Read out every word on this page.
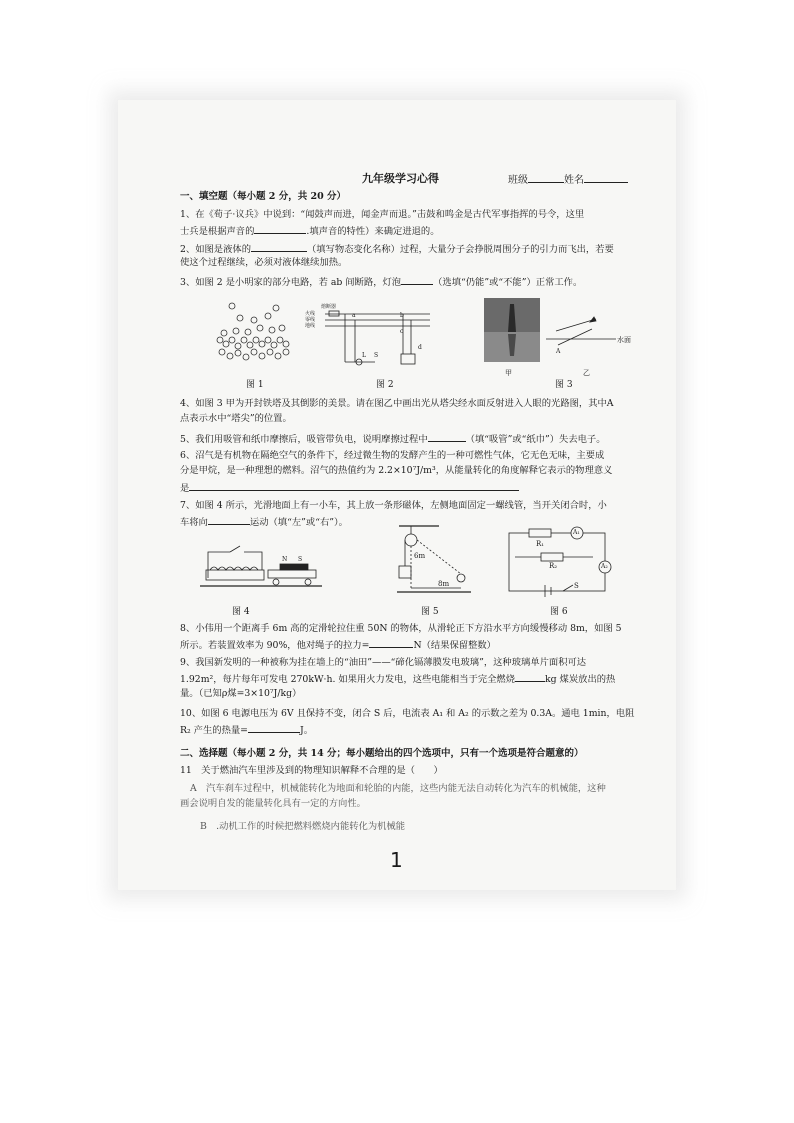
九年级学习心得	班级	姓名
一、填空题（每小题 2 分，共 20 分）
1、在《荀子·议兵》中说到：“闻鼓声而进，闻金声而退。”击鼓和鸣金是古代军事指挥的号令，这里
士兵是根据声音的	.填声音的特性）来确定进退的。
2、如图是液体的	（填写物态变化名称）过程，大量分子会挣脱周围分子的引力而飞出，若要
使这个过程继续，必须对液体继续加热。
3、如图 2 是小明家的部分电路，若 ab 间断路，灯泡	（选填“仍能”或“不能”）正常工作。
图 1
熔断器
火线
零线
地线
a	b
c
d
L S
图 2
甲
水面
A
乙
图 3
4、如图 3 甲为开封铁塔及其倒影的美景。请在图乙中画出光从塔尖经水面反射进入人眼的光路图，其中A
点表示水中“塔尖”的位置。
5、我们用吸管和纸巾摩擦后，吸管带负电，说明摩擦过程中	（填“吸管”或“纸巾”）失去电子。
6、沼气是有机物在隔绝空气的条件下，经过微生物的发酵产生的一种可燃性气体，它无色无味，主要成
分是甲烷，是一种理想的燃料。沼气的热值约为 2.2×10⁷J/m³，从能量转化的角度解释它表示的物理意义
是
7、如图 4 所示，光滑地面上有一小车，其上放一条形磁体，左侧地面固定一螺线管，当开关闭合时，小
车将向	运动（填“左”或“右”）。
N S
图 4
6m
8m
图 5
R₁
A₁
R₂	A₂
S
图 6
8、小伟用一个距离手 6m 高的定滑轮拉住重 50N 的物体，从滑轮正下方沿水平方向缓慢移动 8m，如图 5
所示。若装置效率为 90%，他对绳子的拉力=	N（结果保留整数）
9、我国新发明的一种被称为挂在墙上的“油田”——“碲化镉薄膜发电玻璃”，这种玻璃单片面积可达
1.92m²，每片每年可发电 270kW·h. 如果用火力发电，这些电能相当于完全燃烧	kg 煤炭放出的热
量。（已知ρ煤=3×10⁷J/kg）
10、如图 6 电源电压为 6V 且保持不变，闭合 S 后，电流表 A₁ 和 A₂ 的示数之差为 0.3A。通电 1min，电阻
R₂ 产生的热量=	J。
二、选择题（每小题 2 分，共 14 分；每小题给出的四个选项中，只有一个选项是符合题意的）
11　关于燃油汽车里涉及到的物理知识解释不合理的是（　　）
A　汽车刹车过程中，机械能转化为地面和轮胎的内能，这些内能无法自动转化为汽车的机械能，这种
画会说明自发的能量转化具有一定的方向性。
B　.动机工作的时候把燃料燃烧内能转化为机械能
1
